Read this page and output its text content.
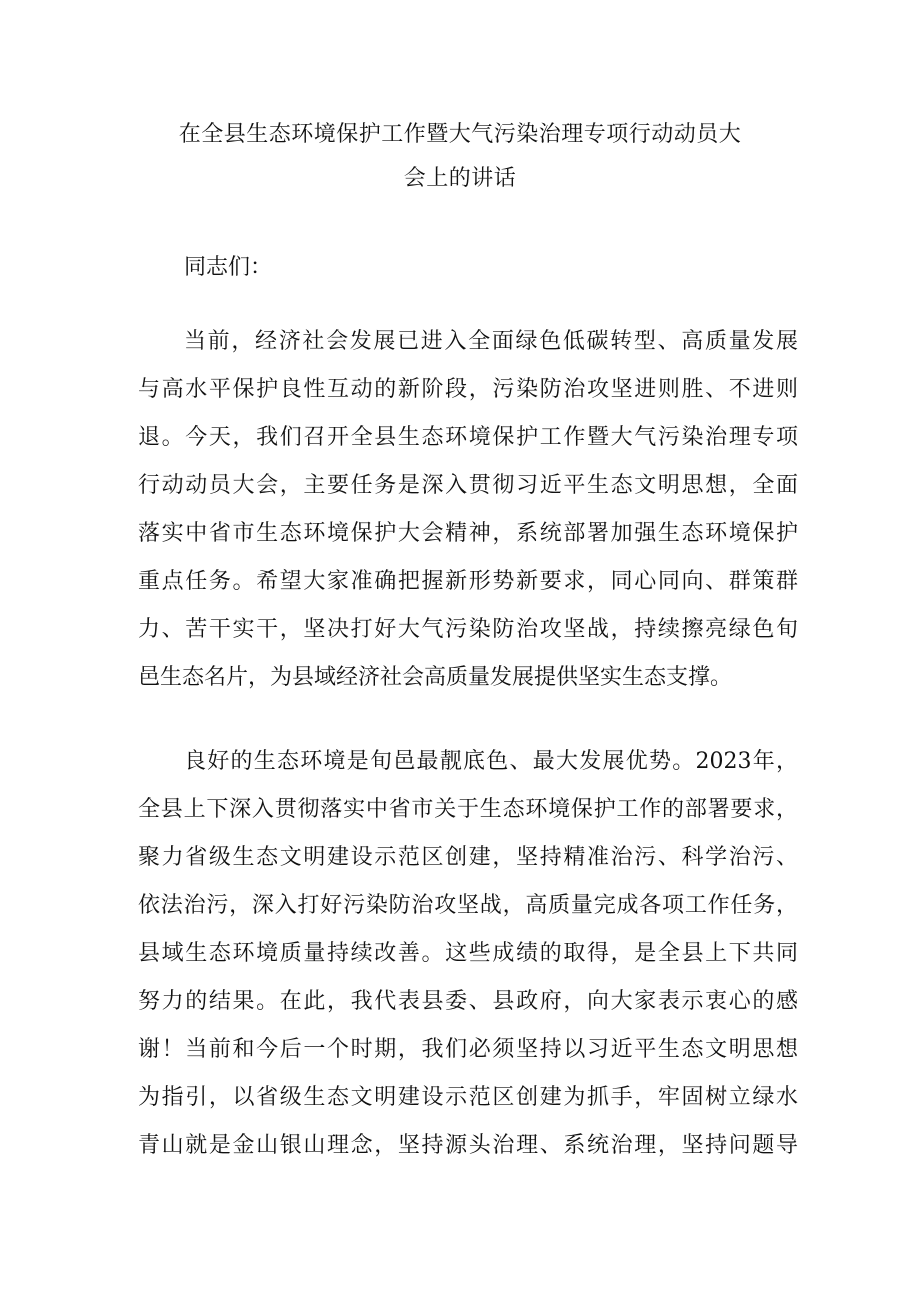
在全县生态环境保护工作暨大气污染治理专项行动动员大
会上的讲话
同志们：
当前，经济社会发展已进入全面绿色低碳转型、高质量发展
与高水平保护良性互动的新阶段，污染防治攻坚进则胜、不进则
退。今天，我们召开全县生态环境保护工作暨大气污染治理专项
行动动员大会，主要任务是深入贯彻习近平生态文明思想，全面
落实中省市生态环境保护大会精神，系统部署加强生态环境保护
重点任务。希望大家准确把握新形势新要求，同心同向、群策群
力、苦干实干，坚决打好大气污染防治攻坚战，持续擦亮绿色旬
邑生态名片，为县域经济社会高质量发展提供坚实生态支撑。
良好的生态环境是旬邑最靓底色、最大发展优势。2023年，
全县上下深入贯彻落实中省市关于生态环境保护工作的部署要求，
聚力省级生态文明建设示范区创建，坚持精准治污、科学治污、
依法治污，深入打好污染防治攻坚战，高质量完成各项工作任务，
县域生态环境质量持续改善。这些成绩的取得，是全县上下共同
努力的结果。在此，我代表县委、县政府，向大家表示衷心的感
谢！当前和今后一个时期，我们必须坚持以习近平生态文明思想
为指引，以省级生态文明建设示范区创建为抓手，牢固树立绿水
青山就是金山银山理念，坚持源头治理、系统治理，坚持问题导
